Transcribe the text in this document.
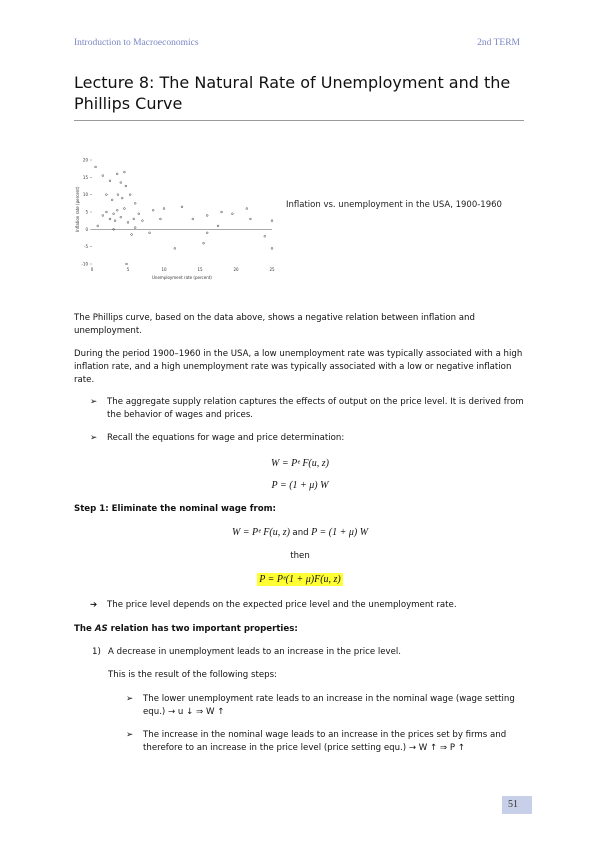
Introduction to Macroeconomics	2nd TERM
Lecture 8: The Natural Rate of Unemployment and the Phillips Curve
20
15
10
5
0
-5
-10
0	5	10	15	20	25
Inflation rate (percent)
Unemployment rate (percent)
Inflation vs. unemployment in the USA, 1900-1960
The Phillips curve, based on the data above, shows a negative relation between inflation and unemployment.
During the period 1900–1960 in the USA, a low unemployment rate was typically associated with a high inflation rate, and a high unemployment rate was typically associated with a low or negative inflation rate.
➢ The aggregate supply relation captures the effects of output on the price level. It is derived from the behavior of wages and prices.
➢ Recall the equations for wage and price determination:
W = Pᵉ F(u, z)
P = (1 + μ) W
Step 1: Eliminate the nominal wage from:
W = Pᵉ F(u, z) and P = (1 + μ) W
then
P = Pᵉ(1 + μ)F(u, z)
➔ The price level depends on the expected price level and the unemployment rate.
The AS relation has two important properties:
1) A decrease in unemployment leads to an increase in the price level.
This is the result of the following steps:
➢ The lower unemployment rate leads to an increase in the nominal wage (wage setting equ.) → u ↓ ⇒ W ↑
➢ The increase in the nominal wage leads to an increase in the prices set by firms and therefore to an increase in the price level (price setting equ.) → W ↑ ⇒ P ↑
51
